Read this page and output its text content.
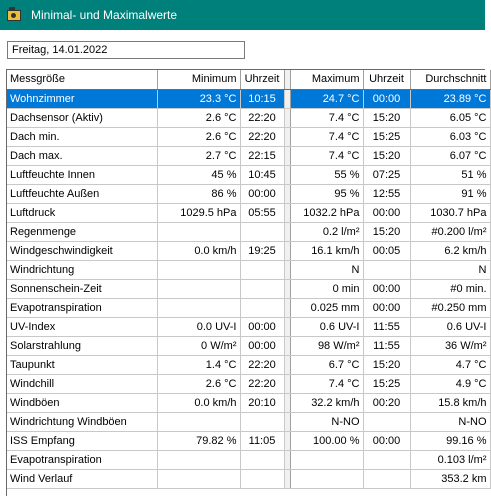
Minimal- und Maximalwerte
Freitag, 14.01.2022
Messgröße	Minimum	Uhrzeit		Maximum	Uhrzeit	Durchschnitt
Wohnzimmer	23.3 °C	10:15		24.7 °C	00:00	23.89 °C
Dachsensor (Aktiv)	2.6 °C	22:20		7.4 °C	15:20	6.05 °C
Dach min.	2.6 °C	22:20		7.4 °C	15:25	6.03 °C
Dach max.	2.7 °C	22:15		7.4 °C	15:20	6.07 °C
Luftfeuchte Innen	45 %	10:45		55 %	07:25	51 %
Luftfeuchte Außen	86 %	00:00		95 %	12:55	91 %
Luftdruck	1029.5 hPa	05:55		1032.2 hPa	00:00	1030.7 hPa
Regenmenge				0.2 l/m²	15:20	#0.200 l/m²
Windgeschwindigkeit	0.0 km/h	19:25		16.1 km/h	00:05	6.2 km/h
Windrichtung				N		N
Sonnenschein-Zeit				0 min	00:00	#0 min.
Evapotranspiration				0.025 mm	00:00	#0.250 mm
UV-Index	0.0 UV-I	00:00		0.6 UV-I	11:55	0.6 UV-I
Solarstrahlung	0 W/m²	00:00		98 W/m²	11:55	36 W/m²
Taupunkt	1.4 °C	22:20		6.7 °C	15:20	4.7 °C
Windchill	2.6 °C	22:20		7.4 °C	15:25	4.9 °C
Windböen	0.0 km/h	20:10		32.2 km/h	00:20	15.8 km/h
Windrichtung Windböen				N-NO		N-NO
ISS Empfang	79.82 %	11:05		100.00 %	00:00	99.16 %
Evapotranspiration						0.103 l/m²
Wind Verlauf						353.2 km
